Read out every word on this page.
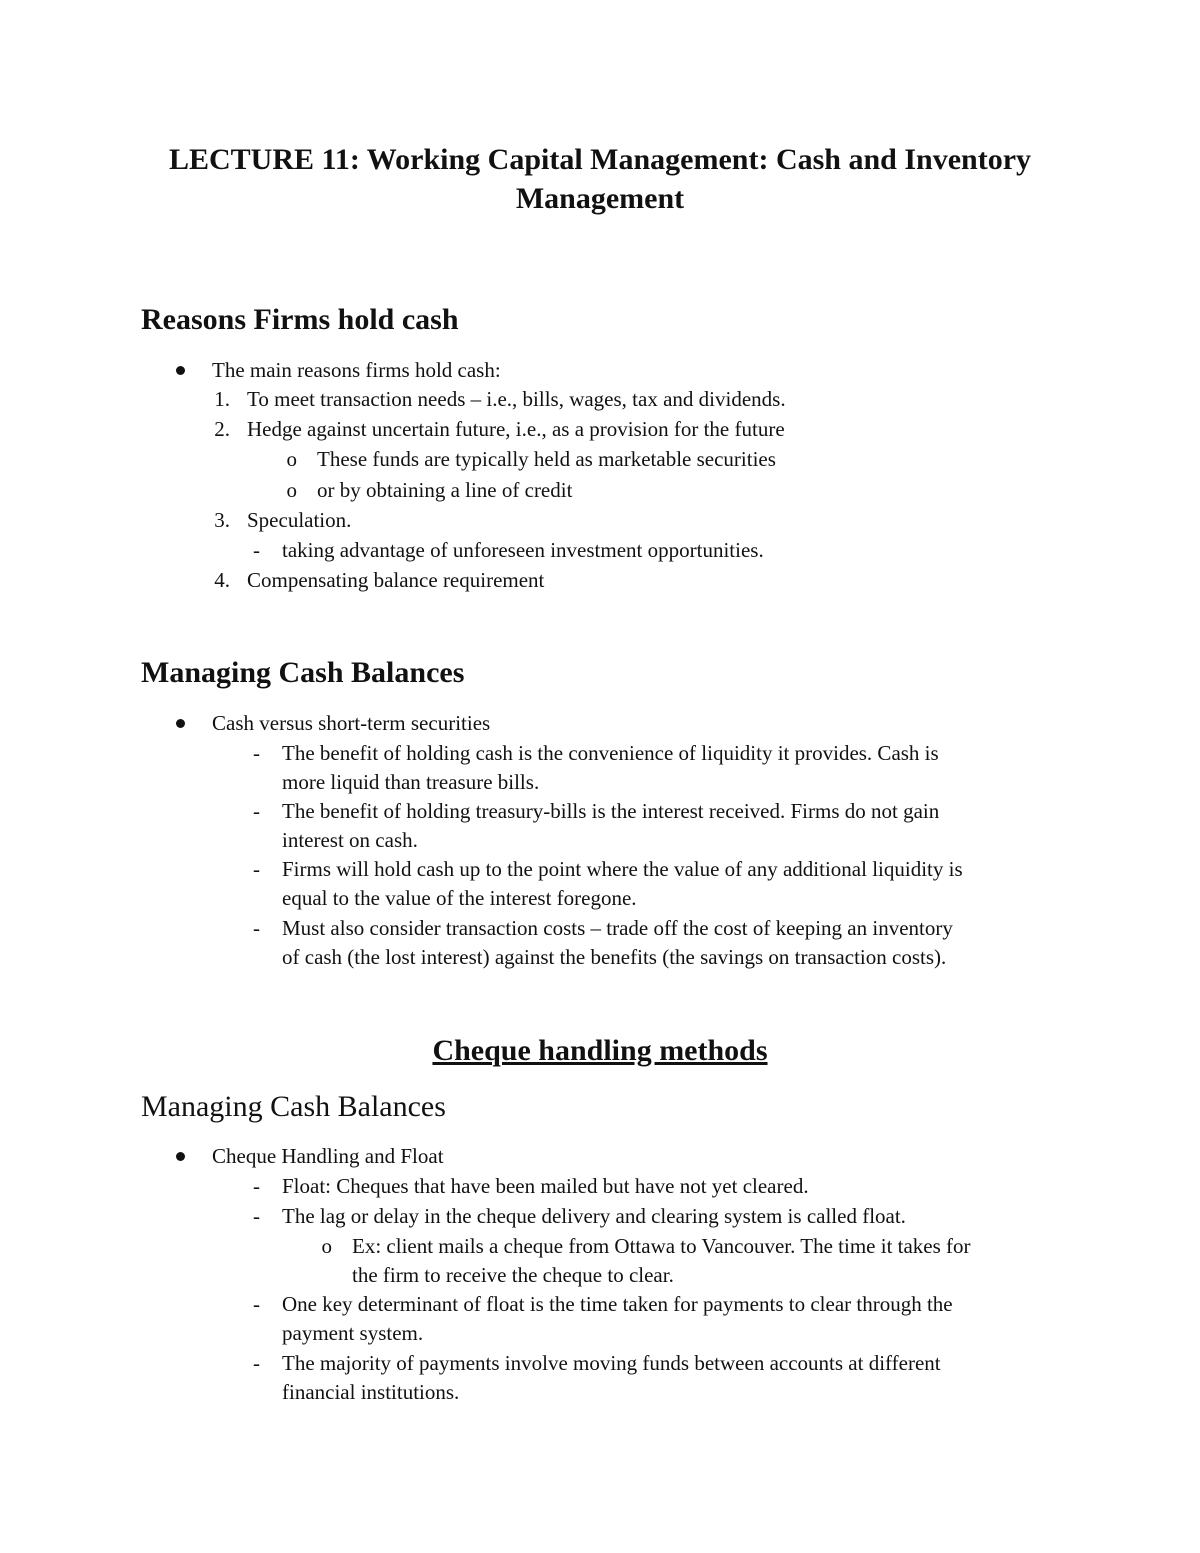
LECTURE 11: Working Capital Management: Cash and Inventory Management
Reasons Firms hold cash
The main reasons firms hold cash:
1. To meet transaction needs – i.e., bills, wages, tax and dividends.
2. Hedge against uncertain future, i.e., as a provision for the future
o These funds are typically held as marketable securities
o or by obtaining a line of credit
3. Speculation.
- taking advantage of unforeseen investment opportunities.
4. Compensating balance requirement
Managing Cash Balances
Cash versus short-term securities
- The benefit of holding cash is the convenience of liquidity it provides. Cash is
more liquid than treasure bills.
- The benefit of holding treasury-bills is the interest received. Firms do not gain
interest on cash.
- Firms will hold cash up to the point where the value of any additional liquidity is
equal to the value of the interest foregone.
- Must also consider transaction costs – trade off the cost of keeping an inventory
of cash (the lost interest) against the benefits (the savings on transaction costs).
Cheque handling methods
Managing Cash Balances
Cheque Handling and Float
- Float: Cheques that have been mailed but have not yet cleared.
- The lag or delay in the cheque delivery and clearing system is called float.
o Ex: client mails a cheque from Ottawa to Vancouver. The time it takes for
the firm to receive the cheque to clear.
- One key determinant of float is the time taken for payments to clear through the
payment system.
- The majority of payments involve moving funds between accounts at different
financial institutions.
